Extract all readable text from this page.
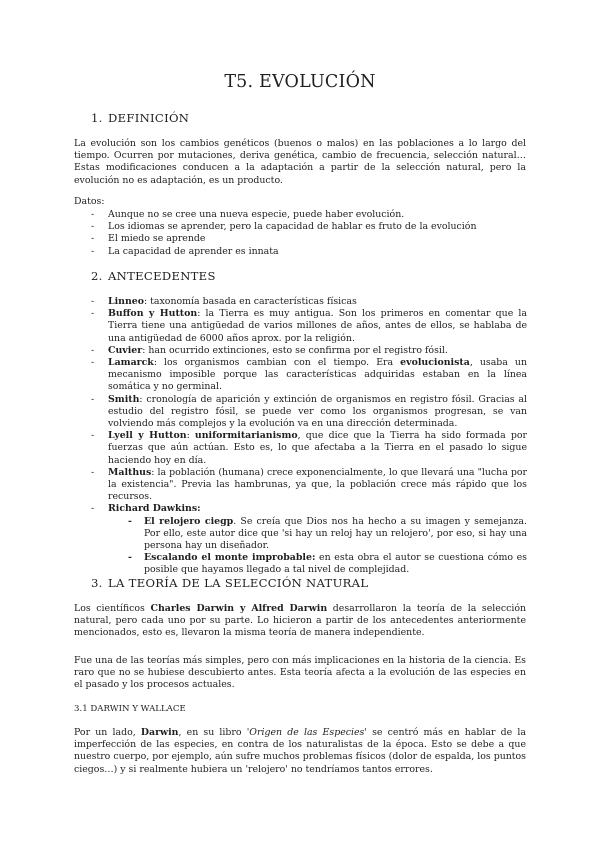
T5. EVOLUCIÓN
1. DEFINICIÓN
La evolución son los cambios genéticos (buenos o malos) en las poblaciones a lo largo del tiempo. Ocurren por mutaciones, deriva genética, cambio de frecuencia, selección natural… Estas modificaciones conducen a la adaptación a partir de la selección natural, pero la evolución no es adaptación, es un producto.
Datos:
- Aunque no se cree una nueva especie, puede haber evolución.
- Los idiomas se aprender, pero la capacidad de hablar es fruto de la evolución
- El miedo se aprende
- La capacidad de aprender es innata
2. ANTECEDENTES
- Linneo: taxonomía basada en características físicas
- Buffon y Hutton: la Tierra es muy antigua. Son los primeros en comentar que la Tierra tiene una antigüedad de varios millones de años, antes de ellos, se hablaba de una antigüedad de 6000 años aprox. por la religión.
- Cuvier: han ocurrido extinciones, esto se confirma por el registro fósil.
- Lamarck: los organismos cambian con el tiempo. Era evolucionista, usaba un mecanismo imposible porque las características adquiridas estaban en la línea somática y no germinal.
- Smith: cronología de aparición y extinción de organismos en registro fósil. Gracias al estudio del registro fósil, se puede ver como los organismos progresan, se van volviendo más complejos y la evolución va en una dirección determinada.
- Lyell y Hutton: uniformitarianismo, que dice que la Tierra ha sido formada por fuerzas que aún actúan. Esto es, lo que afectaba a la Tierra en el pasado lo sigue haciendo hoy en día.
- Malthus: la población (humana) crece exponencialmente, lo que llevará una "lucha por la existencia". Previa las hambrunas, ya que, la población crece más rápido que los recursos.
- Richard Dawkins:
- El relojero ciegp. Se creía que Dios nos ha hecho a su imagen y semejanza. Por ello, este autor dice que 'si hay un reloj hay un relojero', por eso, si hay una persona hay un diseñador.
- Escalando el monte improbable: en esta obra el autor se cuestiona cómo es posible que hayamos llegado a tal nivel de complejidad.
3. LA TEORÍA DE LA SELECCIÓN NATURAL
Los científicos Charles Darwin y Alfred Darwin desarrollaron la teoría de la selección natural, pero cada uno por su parte. Lo hicieron a partir de los antecedentes anteriormente mencionados, esto es, llevaron la misma teoría de manera independiente.
Fue una de las teorías más simples, pero con más implicaciones en la historia de la ciencia. Es raro que no se hubiese descubierto antes. Esta teoría afecta a la evolución de las especies en el pasado y los procesos actuales.
3.1 DARWIN Y WALLACE
Por un lado, Darwin, en su libro 'Origen de las Especies' se centró más en hablar de la imperfección de las especies, en contra de los naturalistas de la época. Esto se debe a que nuestro cuerpo, por ejemplo, aún sufre muchos problemas físicos (dolor de espalda, los puntos ciegos…) y si realmente hubiera un 'relojero' no tendríamos tantos errores.
